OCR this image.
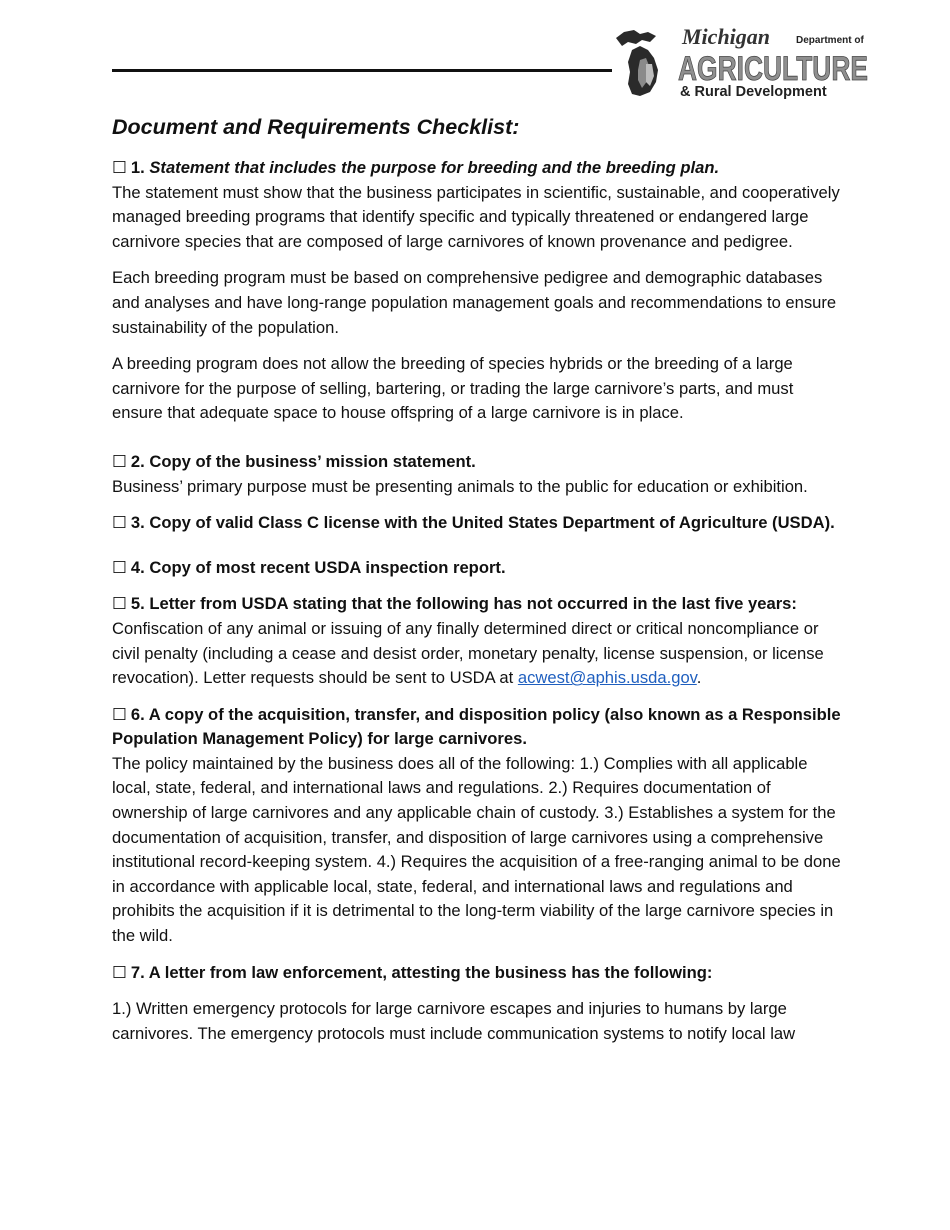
Michigan	Department of
AGRICULTURE
& Rural Development
Document and Requirements Checklist:
☐ 1. Statement that includes the purpose for breeding and the breeding plan.

The statement must show that the business participates in scientific, sustainable, and cooperatively managed breeding programs that identify specific and typically threatened or endangered large carnivore species that are composed of large carnivores of known provenance and pedigree.

Each breeding program must be based on comprehensive pedigree and demographic databases and analyses and have long-range population management goals and recommendations to ensure sustainability of the population.

A breeding program does not allow the breeding of species hybrids or the breeding of a large carnivore for the purpose of selling, bartering, or trading the large carnivore’s parts, and must ensure that adequate space to house offspring of a large carnivore is in place.

☐ 2. Copy of the business’ mission statement.
Business’ primary purpose must be presenting animals to the public for education or exhibition.
☐ 3. Copy of valid Class C license with the United States Department of Agriculture (USDA).
☐ 4. Copy of most recent USDA inspection report.
☐ 5. Letter from USDA stating that the following has not occurred in the last five years:
Confiscation of any animal or issuing of any finally determined direct or critical noncompliance or civil penalty (including a cease and desist order, monetary penalty, license suspension, or license revocation). Letter requests should be sent to USDA at acwest@aphis.usda.gov.
☐ 6. A copy of the acquisition, transfer, and disposition policy (also known as a Responsible Population Management Policy) for large carnivores.
The policy maintained by the business does all of the following: 1.) Complies with all applicable local, state, federal, and international laws and regulations. 2.) Requires documentation of ownership of large carnivores and any applicable chain of custody. 3.) Establishes a system for the documentation of acquisition, transfer, and disposition of large carnivores using a comprehensive institutional record-keeping system. 4.) Requires the acquisition of a free-ranging animal to be done in accordance with applicable local, state, federal, and international laws and regulations and prohibits the acquisition if it is detrimental to the long-term viability of the large carnivore species in the wild.
☐ 7. A letter from law enforcement, attesting the business has the following:
1.) Written emergency protocols for large carnivore escapes and injuries to humans by large carnivores. The emergency protocols must include communication systems to notify local law
